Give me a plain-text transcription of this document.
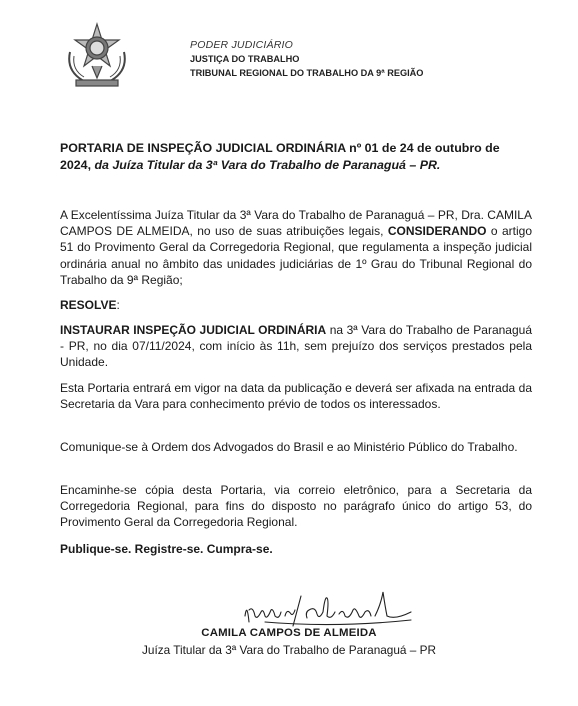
PODER JUDICIÁRIO
JUSTIÇA DO TRABALHO
TRIBUNAL REGIONAL DO TRABALHO DA 9ª REGIÃO
PORTARIA DE INSPEÇÃO JUDICIAL ORDINÁRIA nº 01 de 24 de outubro de 2024, da Juíza Titular da 3ª Vara do Trabalho de Paranaguá – PR.
A Excelentíssima Juíza Titular da 3ª Vara do Trabalho de Paranaguá – PR, Dra. CAMILA CAMPOS DE ALMEIDA, no uso de suas atribuições legais, CONSIDERANDO o artigo 51 do Provimento Geral da Corregedoria Regional, que regulamenta a inspeção judicial ordinária anual no âmbito das unidades judiciárias de 1º Grau do Tribunal Regional do Trabalho da 9ª Região;
RESOLVE:
INSTAURAR INSPEÇÃO JUDICIAL ORDINÁRIA na 3ª Vara do Trabalho de Paranaguá - PR, no dia 07/11/2024, com início às 11h, sem prejuízo dos serviços prestados pela Unidade.
Esta Portaria entrará em vigor na data da publicação e deverá ser afixada na entrada da Secretaria da Vara para conhecimento prévio de todos os interessados.
Comunique-se à Ordem dos Advogados do Brasil e ao Ministério Público do Trabalho.
Encaminhe-se cópia desta Portaria, via correio eletrônico, para a Secretaria da Corregedoria Regional, para fins do disposto no parágrafo único do artigo 53, do Provimento Geral da Corregedoria Regional.
Publique-se. Registre-se. Cumpra-se.
CAMILA CAMPOS DE ALMEIDA
Juíza Titular da 3ª Vara do Trabalho de Paranaguá – PR
